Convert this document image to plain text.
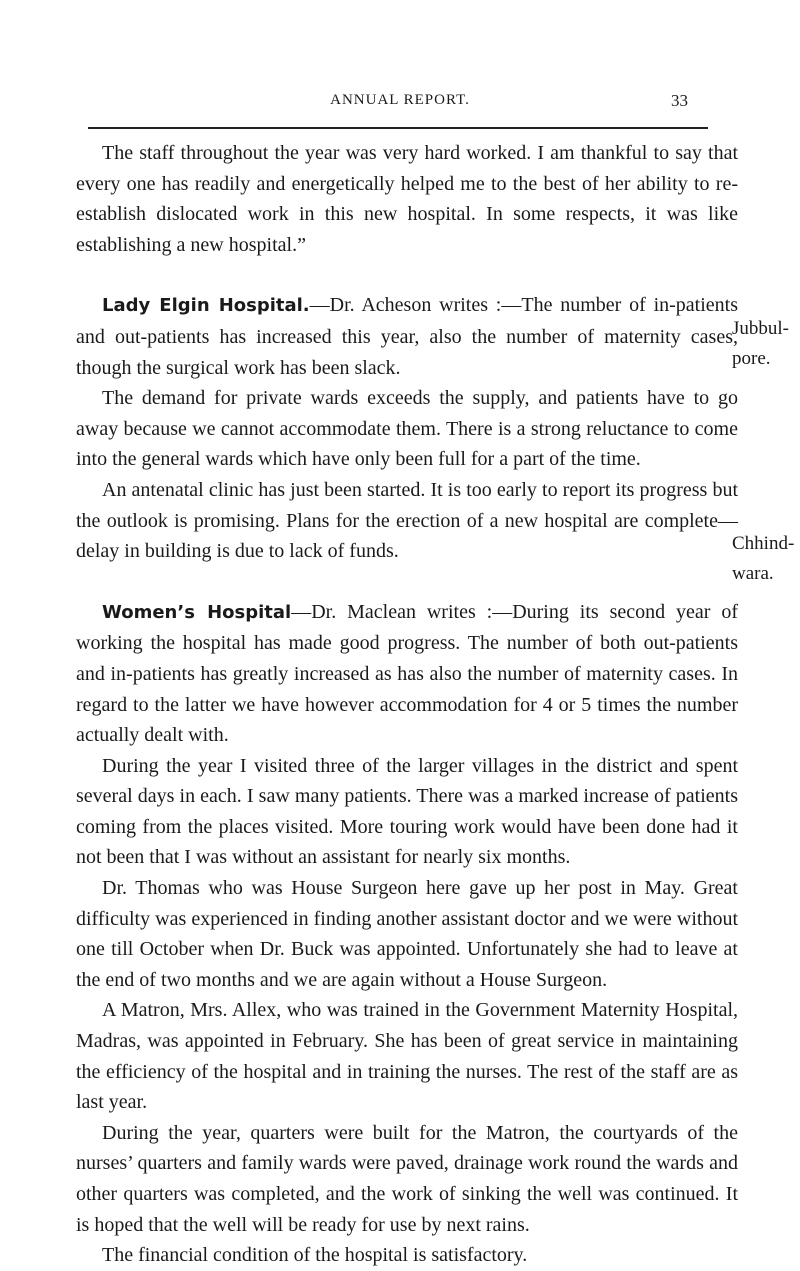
ANNUAL REPORT.	33

The staff throughout the year was very hard worked. I am thankful to say that every one has readily and energetically helped me to the best of her ability to re-establish dislocated work in this new hospital. In some respects, it was like establishing a new hospital.”

Lady Elgin Hospital.—Dr. Acheson writes :—The number of in-patients and out-patients has increased this year, also the number of maternity cases, though the surgical work has been slack.

The demand for private wards exceeds the supply, and patients have to go away because we cannot accommodate them. There is a strong reluctance to come into the general wards which have only been full for a part of the time.

An antenatal clinic has just been started. It is too early to report its progress but the outlook is promising. Plans for the erection of a new hospital are complete—delay in building is due to lack of funds.

Women’s Hospital—Dr. Maclean writes :—During its second year of working the hospital has made good progress. The number of both out-patients and in-patients has greatly increased as has also the number of maternity cases. In regard to the latter we have however accommodation for 4 or 5 times the number actually dealt with.

During the year I visited three of the larger villages in the district and spent several days in each. I saw many patients. There was a marked increase of patients coming from the places visited. More touring work would have been done had it not been that I was without an assistant for nearly six months.

Dr. Thomas who was House Surgeon here gave up her post in May. Great difficulty was experienced in finding another assistant doctor and we were without one till October when Dr. Buck was appointed. Unfortunately she had to leave at the end of two months and we are again without a House Surgeon.

A Matron, Mrs. Allex, who was trained in the Government Maternity Hospital, Madras, was appointed in February. She has been of great service in maintaining the efficiency of the hospital and in training the nurses. The rest of the staff are as last year.

During the year, quarters were built for the Matron, the courtyards of the nurses’ quarters and family wards were paved, drainage work round the wards and other quarters was completed, and the work of sinking the well was continued. It is hoped that the well will be ready for use by next rains.

The financial condition of the hospital is satisfactory.

Jubbul-
pore.
Chhind-
wara.
